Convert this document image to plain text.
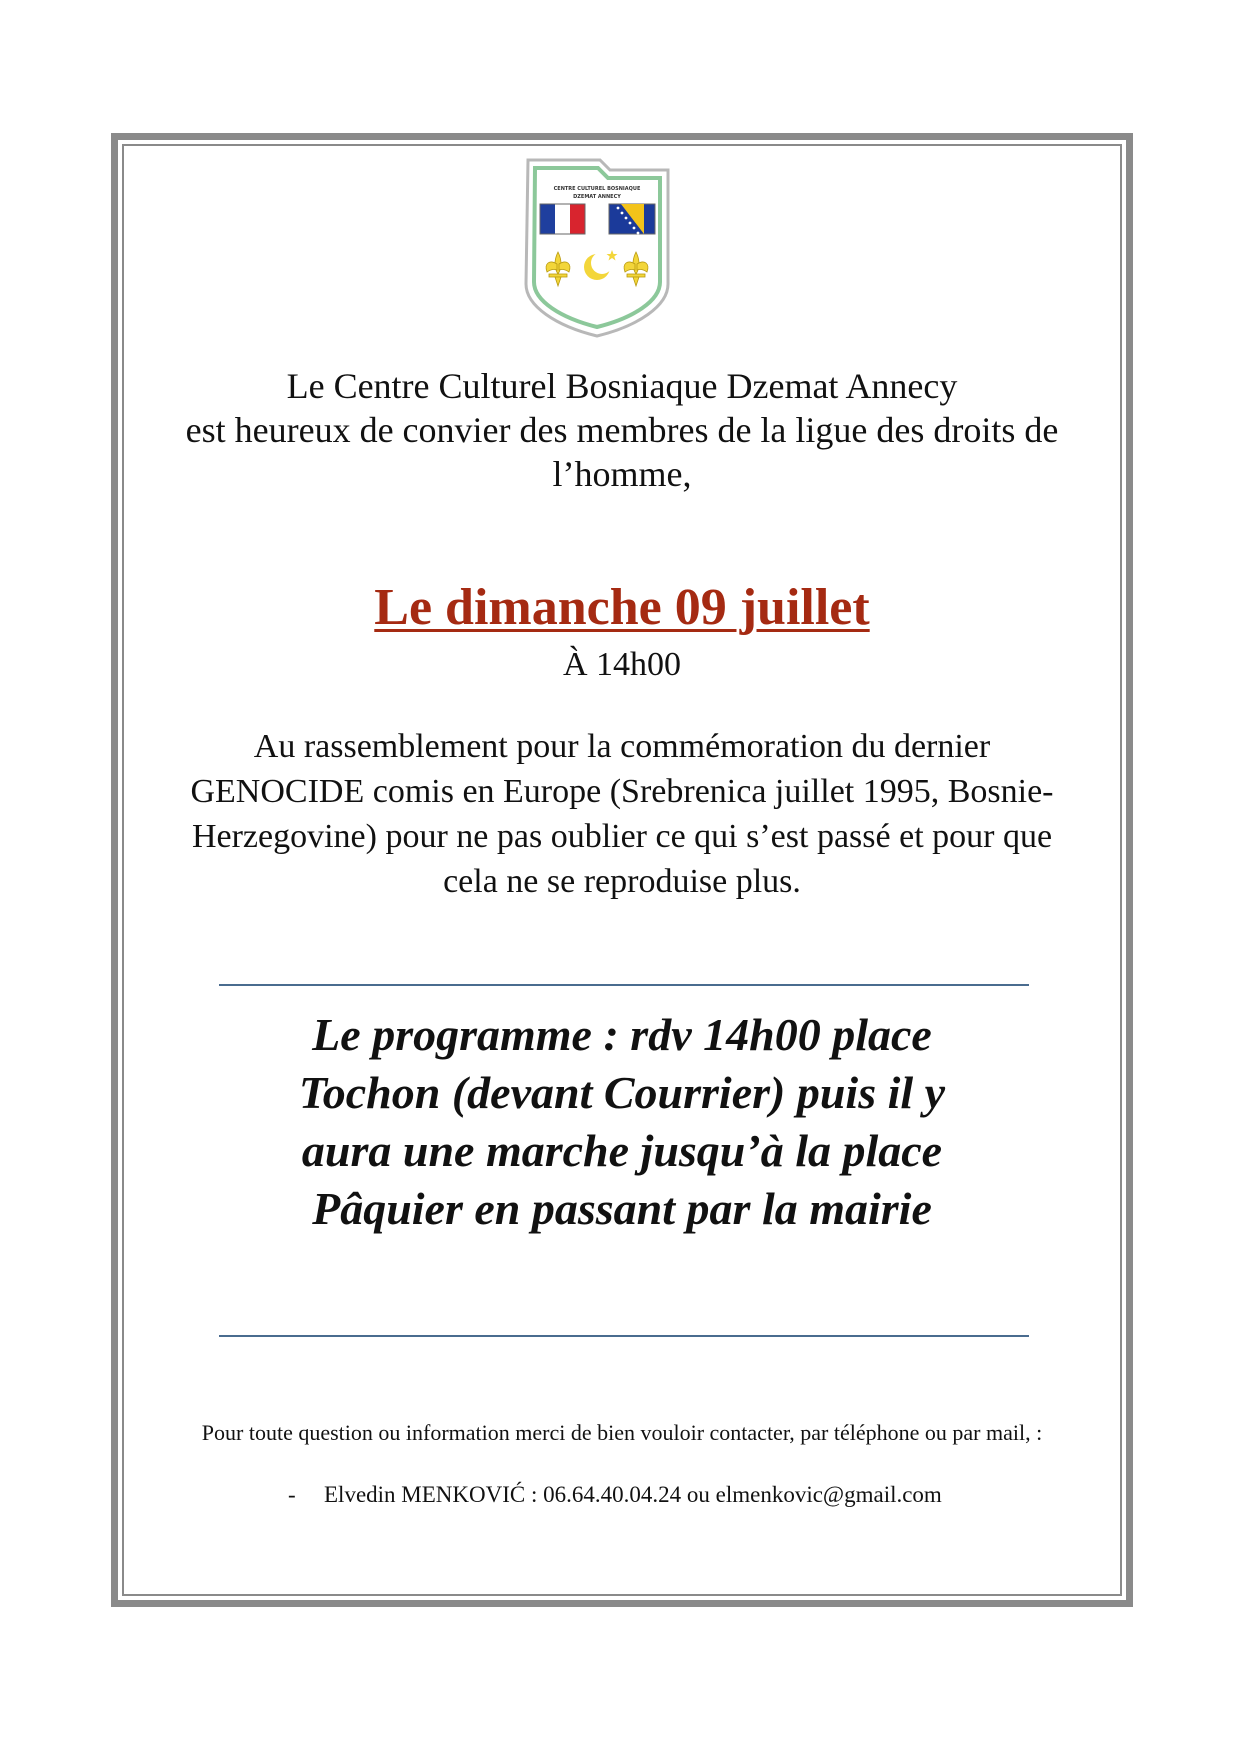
CENTRE CULTUREL BOSNIAQUE
DZEMAT ANNECY
Le Centre Culturel Bosniaque Dzemat Annecy
est heureux de convier des membres de la ligue des droits de
l’homme,
Le dimanche 09 juillet
À 14h00
Au rassemblement pour la commémoration du dernier
GENOCIDE comis en Europe (Srebrenica juillet 1995, Bosnie-
Herzegovine) pour ne pas oublier ce qui s’est passé et pour que
cela ne se reproduise plus.
Le programme : rdv 14h00 place
Tochon (devant Courrier) puis il y
aura une marche jusqu’à la place
Pâquier en passant par la mairie
Pour toute question ou information merci de bien vouloir contacter, par téléphone ou par mail, :
- Elvedin MENKOVIĆ : 06.64.40.04.24 ou elmenkovic@gmail.com
